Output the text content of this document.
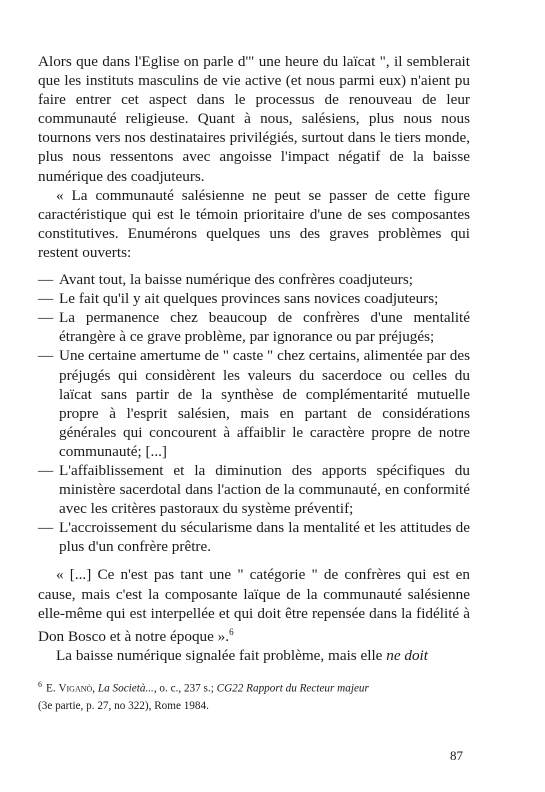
Alors que dans l'Eglise on parle d'" une heure du laïcat ", il semblerait que les instituts masculins de vie active (et nous parmi eux) n'aient pu faire entrer cet aspect dans le processus de renouveau de leur communauté religieuse. Quant à nous, salésiens, plus nous nous tournons vers nos destinataires privilégiés, surtout dans le tiers monde, plus nous ressentons avec angoisse l'impact négatif de la baisse numérique des coadjuteurs.

« La communauté salésienne ne peut se passer de cette figure caractéristique qui est le témoin prioritaire d'une de ses composantes constitutives. Enumérons quelques uns des graves problèmes qui restent ouverts:

— Avant tout, la baisse numérique des confrères coadjuteurs;
— Le fait qu'il y ait quelques provinces sans novices coadjuteurs;
— La permanence chez beaucoup de confrères d'une mentalité étrangère à ce grave problème, par ignorance ou par préjugés;
— Une certaine amertume de " caste " chez certains, alimentée par des préjugés qui considèrent les valeurs du sacerdoce ou celles du laïcat sans partir de la synthèse de complémentarité mutuelle propre à l'esprit salésien, mais en partant de considérations générales qui concourent à affaiblir le caractère propre de notre communauté; [...]
— L'affaiblissement et la diminution des apports spécifiques du ministère sacerdotal dans l'action de la communauté, en conformité avec les critères pastoraux du système préventif;
— L'accroissement du sécularisme dans la mentalité et les attitudes de plus d'un confrère prêtre.

« [...] Ce n'est pas tant une " catégorie " de confrères qui est en cause, mais c'est la composante laïque de la communauté salésienne elle-même qui est interpellée et qui doit être repensée dans la fidélité à Don Bosco et à notre époque ».$^6$

La baisse numérique signalée fait problème, mais elle ne doit

$^6$ E. Viganò, La Società..., o. c., 237 s.; CG22 Rapport du Recteur majeur
(3e partie, p. 27, no 322), Rome 1984.
87
